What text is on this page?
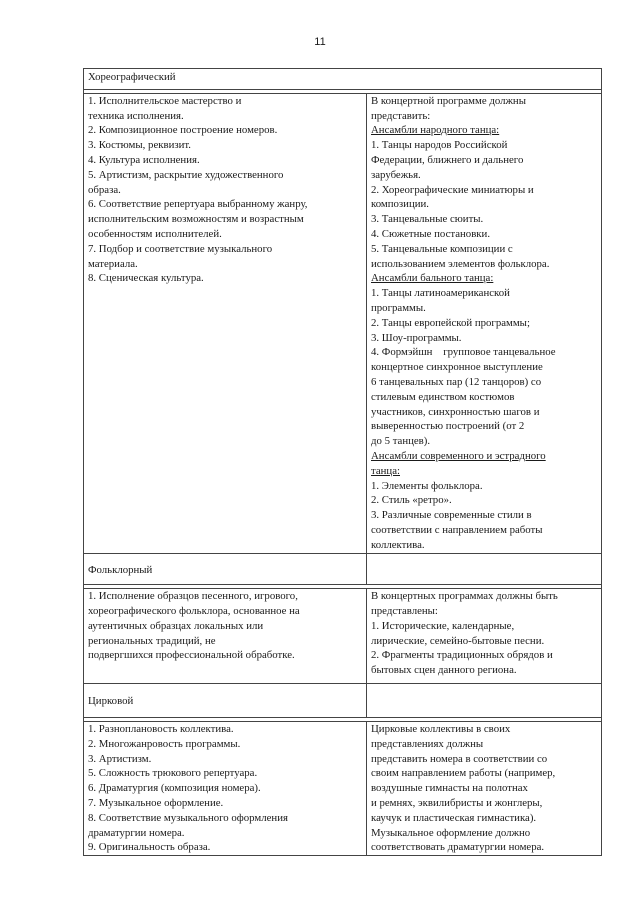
11
Хореографический
1. Исполнительское мастерство и
техника исполнения.
2. Композиционное построение номеров.
3. Костюмы, реквизит.
4. Культура исполнения.
5. Артистизм, раскрытие художественного
образа.
6. Соответствие репертуара выбранному жанру,
исполнительским возможностям и возрастным
особенностям исполнителей.
7. Подбор и соответствие музыкального
материала.
8. Сценическая культура.
В концертной программе должны
представить:
Ансамбли народного танца:
1. Танцы народов Российской
Федерации, ближнего и дальнего
зарубежья.
2. Хореографические миниатюры и
композиции.
3. Танцевальные сюиты.
4. Сюжетные постановки.
5. Танцевальные композиции с
использованием элементов фольклора.
Ансамбли бального танца:
1. Танцы латиноамериканской
программы.
2. Танцы европейской программы;
3. Шоу-программы.
4. Формэйшн    групповое танцевальное
концертное синхронное выступление
6 танцевальных пар (12 танцоров) со
стилевым единством костюмов
участников, синхронностью шагов и
выверенностью построений (от 2
до 5 танцев).
Ансамбли современного и эстрадного
танца:
1. Элементы фольклора.
2. Стиль «ретро».
3. Различные современные стили в
соответствии с направлением работы
коллектива.
Фольклорный
1. Исполнение образцов песенного, игрового,
хореографического фольклора, основанное на
аутентичных образцах локальных или
региональных традиций, не
подвергшихся профессиональной обработке.
В концертных программах должны быть
представлены:
1. Исторические, календарные,
лирические, семейно-бытовые песни.
2. Фрагменты традиционных обрядов и
бытовых сцен данного региона.
Цирковой
1. Разноплановость коллектива.
2. Многожанровость программы.
3. Артистизм.
5. Сложность трюкового репертуара.
6. Драматургия (композиция номера).
7. Музыкальное оформление.
8. Соответствие музыкального оформления
драматургии номера.
9. Оригинальность образа.
Цирковые коллективы в своих
представлениях должны
представить номера в соответствии со
своим направлением работы (например,
воздушные гимнасты на полотнах
и ремнях, эквилибристы и жонглеры,
каучук и пластическая гимнастика).
Музыкальное оформление должно
соответствовать драматургии номера.
